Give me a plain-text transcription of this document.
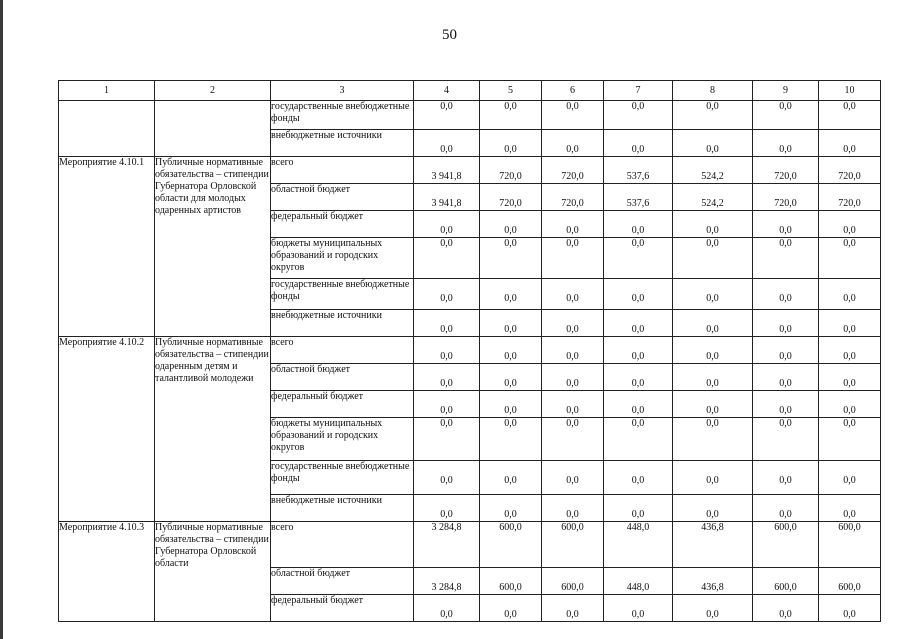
50
1	2	3	4	5	6	7	8	9	10
		государственные внебюджетные фонды	0,0	0,0	0,0	0,0	0,0	0,0	0,0

		внебюджетные источники	0,0	0,0	0,0	0,0	0,0	0,0	0,0

Мероприятие 4.10.1	Публичные нормативные обязательства – стипендии Губернатора Орловской области для молодых одаренных артистов	всего	3 941,8	720,0	720,0	537,6	524,2	720,0	720,0

		областной бюджет	3 941,8	720,0	720,0	537,6	524,2	720,0	720,0

		федеральный бюджет	0,0	0,0	0,0	0,0	0,0	0,0	0,0

		бюджеты муниципальных образований и городских округов	0,0	0,0	0,0	0,0	0,0	0,0	0,0

		государственные внебюджетные фонды	0,0	0,0	0,0	0,0	0,0	0,0	0,0

		внебюджетные источники	0,0	0,0	0,0	0,0	0,0	0,0	0,0

Мероприятие 4.10.2	Публичные нормативные обязательства – стипендии одаренным детям и талантливой молодежи	всего	0,0	0,0	0,0	0,0	0,0	0,0	0,0

		областной бюджет	0,0	0,0	0,0	0,0	0,0	0,0	0,0

		федеральный бюджет	0,0	0,0	0,0	0,0	0,0	0,0	0,0

		бюджеты муниципальных образований и городских округов	0,0	0,0	0,0	0,0	0,0	0,0	0,0

		государственные внебюджетные фонды	0,0	0,0	0,0	0,0	0,0	0,0	0,0

		внебюджетные источники	0,0	0,0	0,0	0,0	0,0	0,0	0,0

Мероприятие 4.10.3	Публичные нормативные обязательства – стипендии Губернатора Орловской области	всего	3 284,8	600,0	600,0	448,0	436,8	600,0	600,0

		областной бюджет	3 284,8	600,0	600,0	448,0	436,8	600,0	600,0

		федеральный бюджет	0,0	0,0	0,0	0,0	0,0	0,0	0,0
